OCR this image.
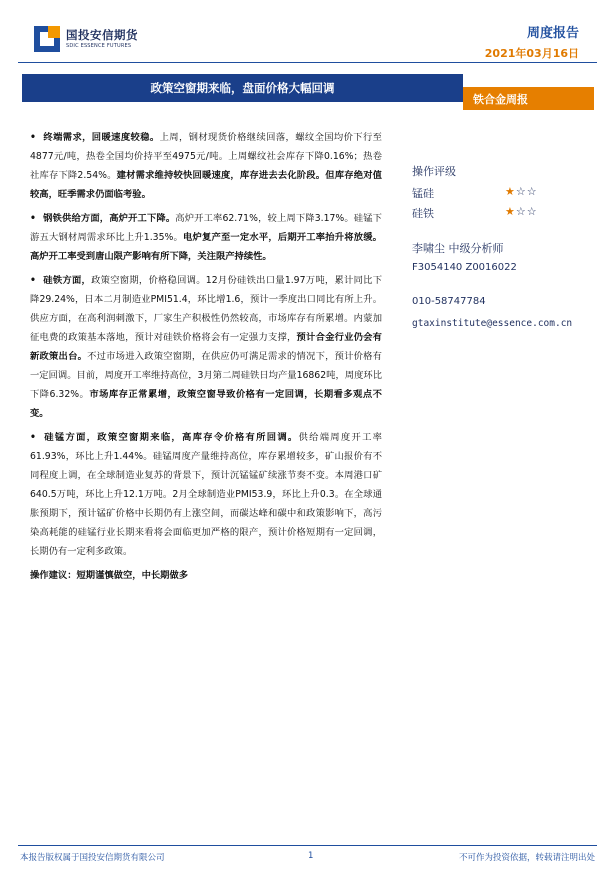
国投安信期货
SDIC ESSENCE FUTURES
周度报告
2021年03月16日
政策空窗期来临，盘面价格大幅回调
铁合金周报

• 终端需求，回暖速度较稳。上周，钢材现货价格继续回落，螺纹全国均价下行至4877元/吨，热卷全国均价持平至4975元/吨。上周螺纹社会库存下降0.16%；热卷社库存下降2.54%。建材需求维持较快回暖速度，库存进去去化阶段。但库存绝对值较高，旺季需求仍面临考验。

• 钢铁供给方面，高炉开工下降。高炉开工率62.71%，较上周下降3.17%。硅锰下游五大钢材周需求环比上升1.35%。电炉复产至一定水平，后期开工率抬升将放缓。高炉开工率受到唐山限产影响有所下降，关注限产持续性。

• 硅铁方面，政策空窗期，价格稳回调。12月份硅铁出口量1.97万吨，累计同比下降29.24%，日本二月制造业PMI51.4，环比增1.6，预计一季度出口同比有所上升。供应方面，在高利润刺激下，厂家生产积极性仍然较高，市场库存有所累增。内蒙加征电费的政策基本落地，预计对硅铁价格将会有一定强力支撑，预计合金行业仍会有新政策出台。不过市场进入政策空窗期，在供应仍可满足需求的情况下，预计价格有一定回调。目前，周度开工率维持高位，3月第二周硅铁日均产量16862吨，周度环比下降6.32%。市场库存正常累增，政策空窗导致价格有一定回调，长期看多观点不变。

• 硅锰方面，政策空窗期来临，高库存令价格有所回调。供给端周度开工率61.93%，环比上升1.44%。硅锰周度产量维持高位，库存累增较多，矿山报价有不同程度上调，在全球制造业复苏的背景下，预计沉锰锰矿续涨节奏不变。本周港口矿640.5万吨，环比上升12.1万吨。2月全球制造业PMI53.9，环比上升0.3。在全球通胀预期下，预计锰矿价格中长期仍有上涨空间，而碳达峰和碳中和政策影响下，高污染高耗能的硅锰行业长期来看将会面临更加严格的限产，预计价格短期有一定回调，长期仍有一定利多政策。

操作建议：短期谨慎做空，中长期做多

操作评级
锰硅	★☆☆
硅铁	★☆☆
李啸尘 中级分析师
F3054140 Z0016022
010-58747784
gtaxinstitute@essence.com.cn
本报告版权属于国投安信期货有限公司	1	不可作为投资依据，转载请注明出处
